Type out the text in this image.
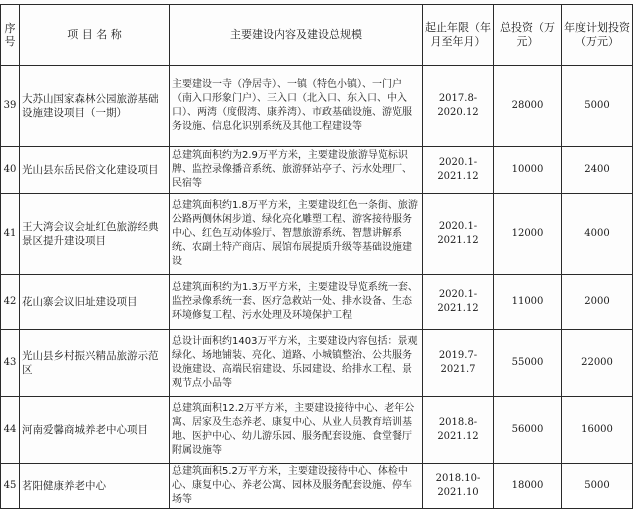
序号	项 目 名 称	主要建设内容及建设总规模	起止年限（年月至年月）	总投资（万元）	年度计划投资（万元）
39	大苏山国家森林公园旅游基础设施建设项目（一期）	主要建设一寺（净居寺）、一镇（特色小镇）、一门户（南入口形象门户）、三入口（北入口、东入口、中入口）、两湾（度假湾、康养湾）、市政基础设施、游览服务设施、信息化识别系统及其他工程建设等	2017.8-2020.12	28000	5000
40	光山县东岳民俗文化建设项目	总建筑面积约为2.9万平方米，主要建设旅游导览标识牌、监控录像播音系统、旅游驿站亭子、污水处理厂、民宿等	2020.1-2021.12	10000	2400
41	王大湾会议会址红色旅游经典景区提升建设项目	总建筑面积约1.8万平方米，主要建设红色一条街、旅游公路两侧休闲步道、绿化亮化雕塑工程、游客接待服务中心、红色互动体验厅、智慧旅游系统、智慧讲解系统、农副土特产商店、展馆布展提质升级等基础设施建设	2020.1-2021.12	12000	4000
42	花山寨会议旧址建设项目	总建筑面积约为1.3万平方米，主要建设导览系统一套、监控录像系统一套、医疗急救站一处、排水设备、生态环境修复工程、污水处理及环境保护工程	2020.1-2021.12	11000	2000
43	光山县乡村振兴精品旅游示范区	总设计面积约1403万平方米，主要建设内容包括：景观绿化、场地铺装、亮化、道路、小城镇整治、公共服务设施建设、高端民宿建设、乐园建设、给排水工程、景观节点小品等	2019.7-2021.7	55000	22000
44	河南爱馨商城养老中心项目	总建筑面积12.2万平方米，主要建设接待中心、老年公寓、居家及生态养老、康复中心、从业人员教育培训基地、医护中心、幼儿游乐园、服务配套设施、食堂餐厅附属设施等	2018.8-2021.12	56000	16000
45	茗阳健康养老中心	总建筑面积5.2万平方米，主要建设接待中心、体检中心、康复中心、养老公寓、园林及服务配套设施、停车场等	2018.10-2021.10	18000	5000
